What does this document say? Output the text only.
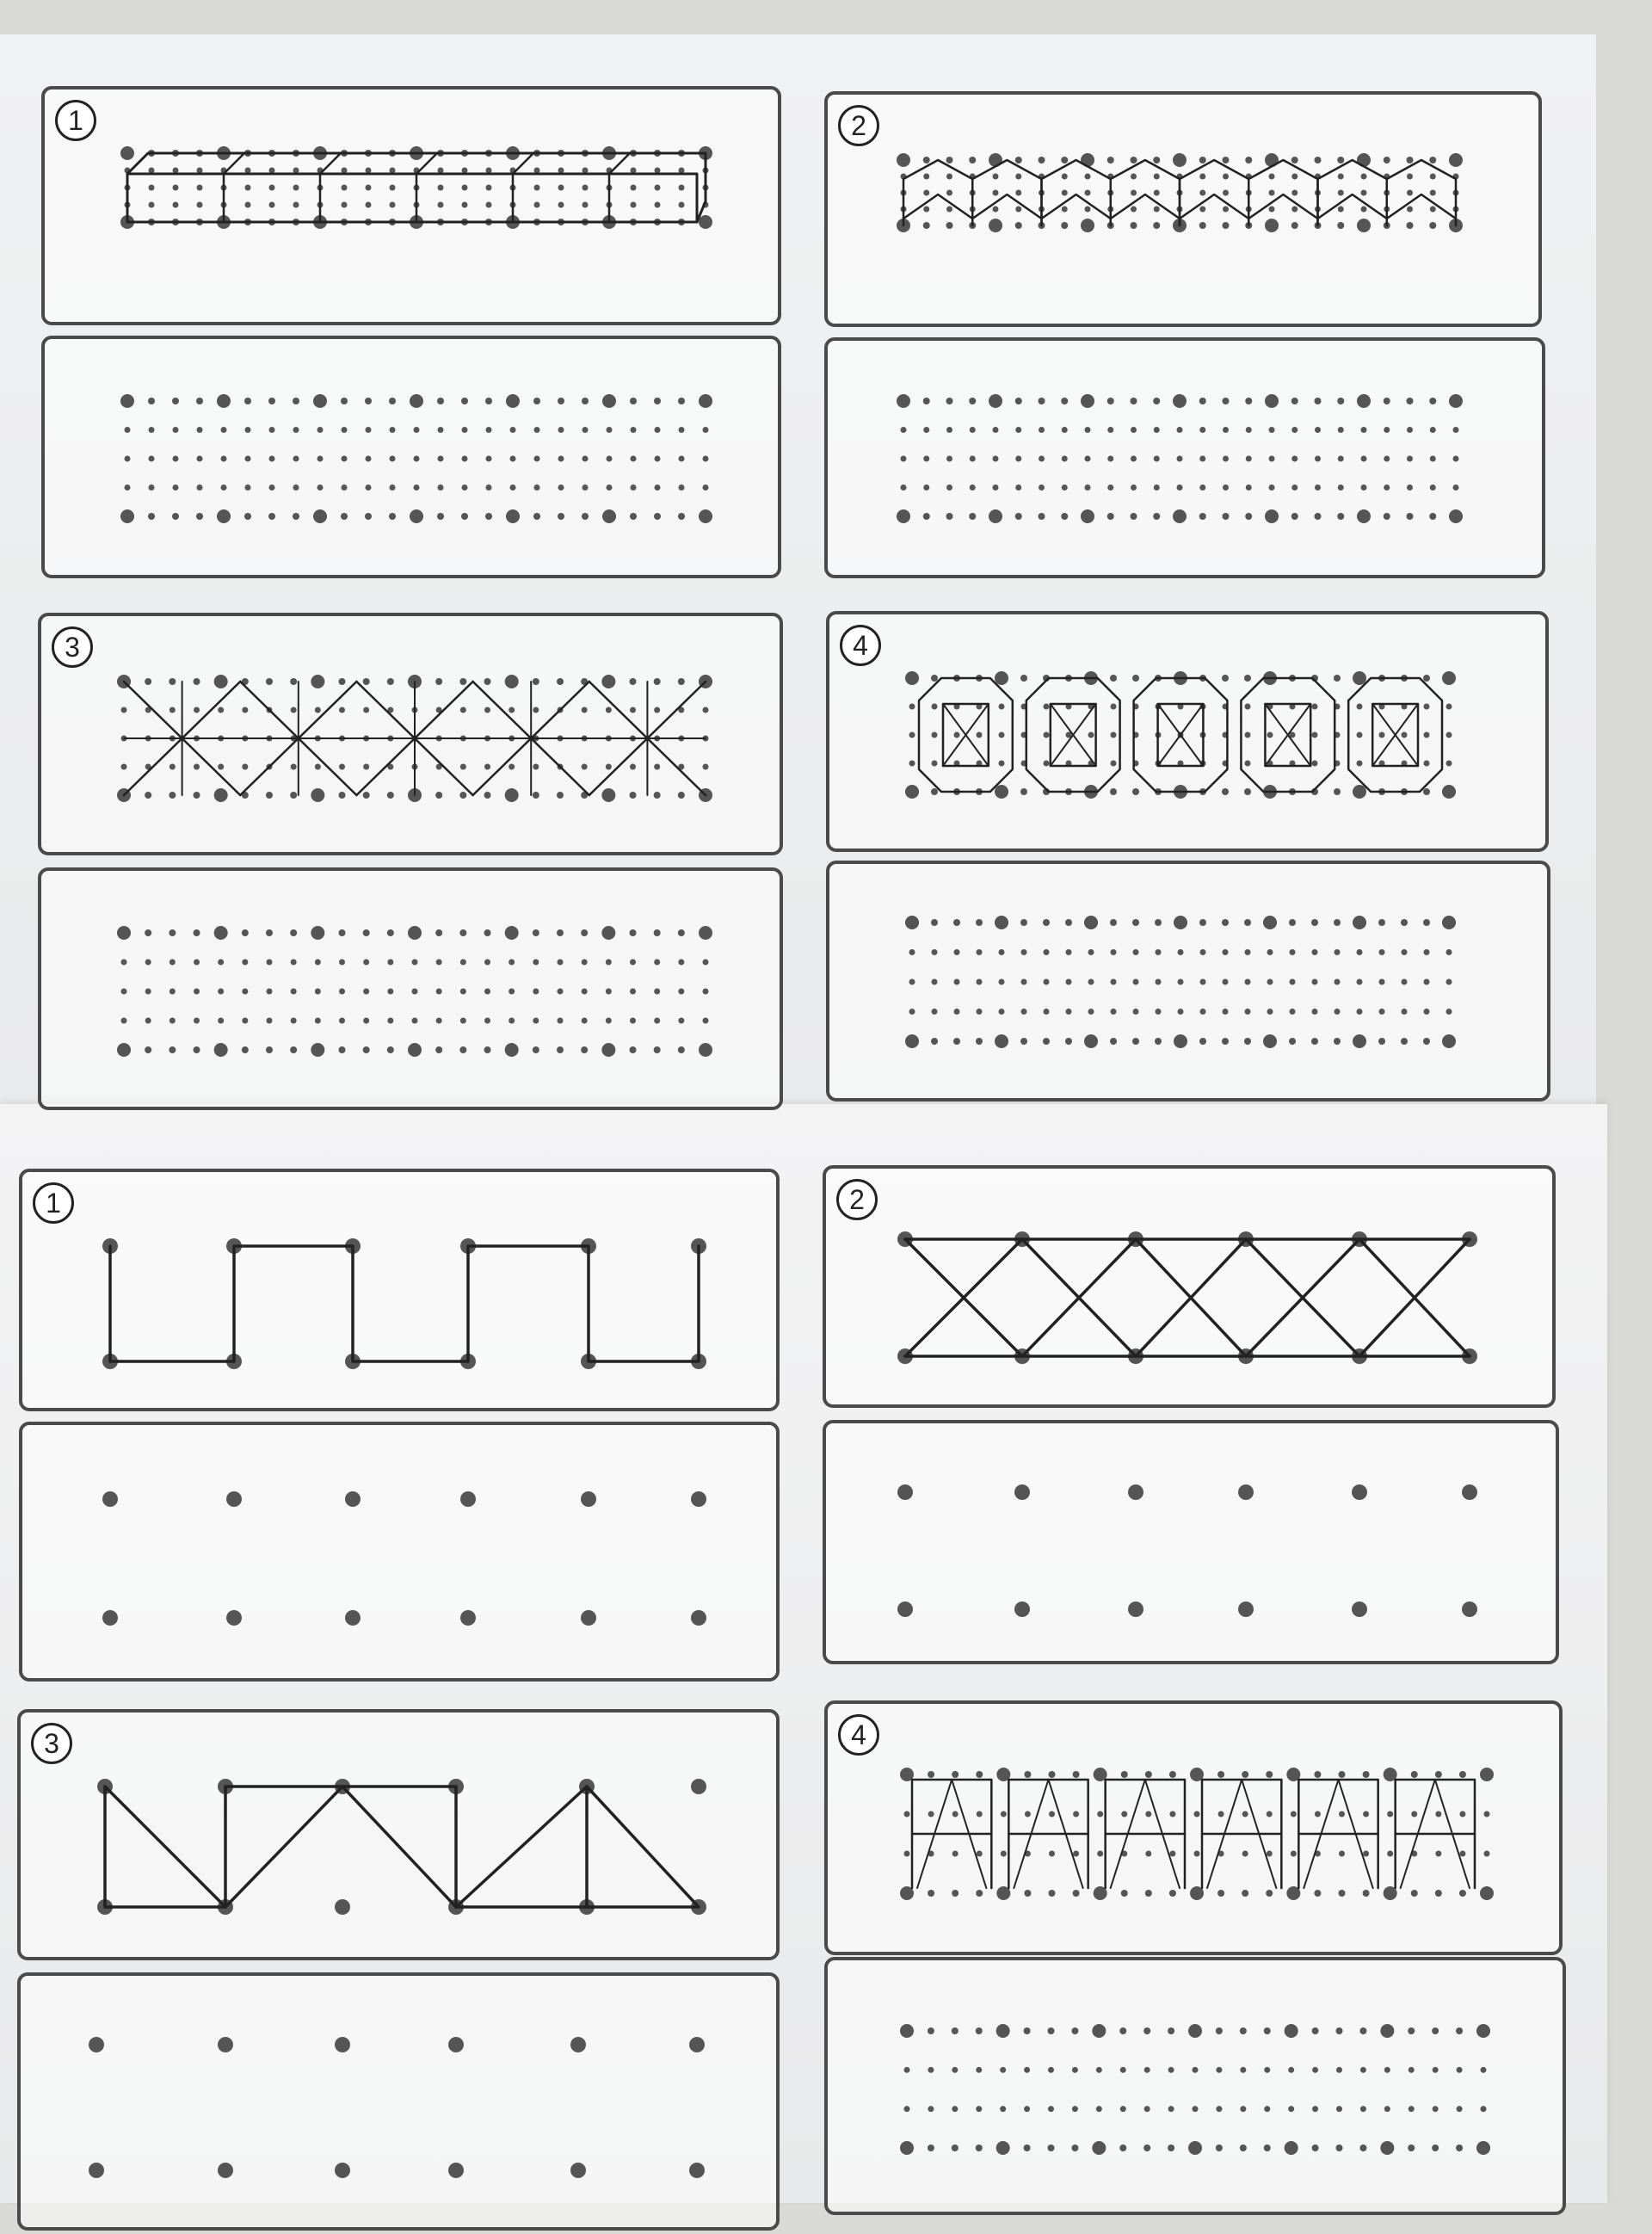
1	2
3	4
1	2
3	4
